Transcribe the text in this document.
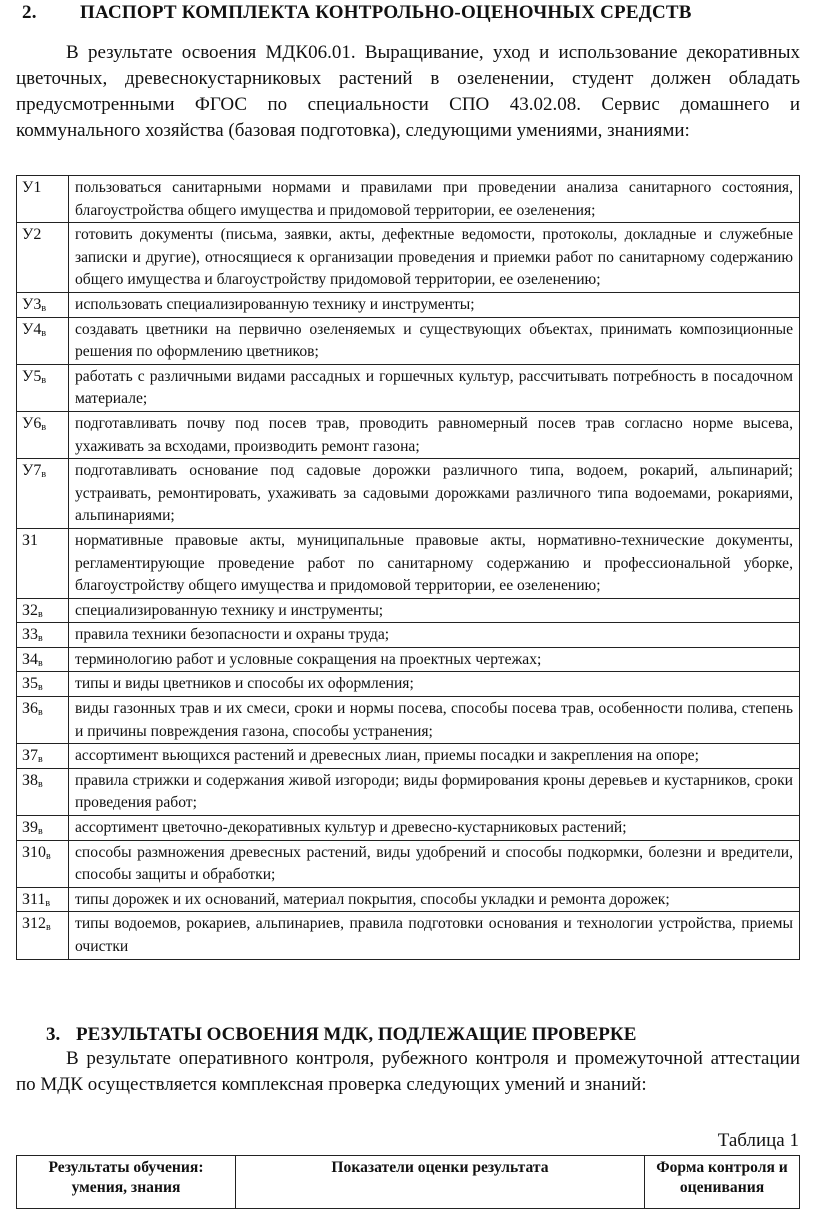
2. ПАСПОРТ КОМПЛЕКТА КОНТРОЛЬНО-ОЦЕНОЧНЫХ СРЕДСТВ
В результате освоения МДК06.01. Выращивание, уход и использование декоративных цветочных, древеснокустарниковых растений в озеленении, студент должен обладать предусмотренными ФГОС по специальности СПО 43.02.08. Сервис домашнего и коммунального хозяйства (базовая подготовка), следующими умениями, знаниями:
У1	пользоваться санитарными нормами и правилами при проведении анализа санитарного состояния, благоустройства общего имущества и придомовой территории, ее озеленения;
У2	готовить документы (письма, заявки, акты, дефектные ведомости, протоколы, докладные и служебные записки и другие), относящиеся к организации проведения и приемки работ по санитарному содержанию общего имущества и благоустройству придомовой территории, ее озеленению;
$У3_в$	использовать специализированную технику и инструменты;
$У4_в$	создавать цветники на первично озеленяемых и существующих объектах, принимать композиционные решения по оформлению цветников;
$У5_в$	работать с различными видами рассадных и горшечных культур, рассчитывать потребность в посадочном материале;
$У6_в$	подготавливать почву под посев трав, проводить равномерный посев трав согласно норме высева, ухаживать за всходами, производить ремонт газона;
$У7_в$	подготавливать основание под садовые дорожки различного типа, водоем, рокарий, альпинарий; устраивать, ремонтировать, ухаживать за садовыми дорожками различного типа водоемами, рокариями, альпинариями;
З1	нормативные правовые акты, муниципальные правовые акты, нормативно-технические документы, регламентирующие проведение работ по санитарному содержанию и профессиональной уборке, благоустройству общего имущества и придомовой территории, ее озеленению;
$З2_в$	специализированную технику и инструменты;
$З3_в$	правила техники безопасности и охраны труда;
$З4_в$	терминологию работ и условные сокращения на проектных чертежах;
$З5_в$	типы и виды цветников и способы их оформления;
$З6_в$	виды газонных трав и их смеси, сроки и нормы посева, способы посева трав, особенности полива, степень и причины повреждения газона, способы устранения;
$З7_в$	ассортимент вьющихся растений и древесных лиан, приемы посадки и закрепления на опоре;
$З8_в$	правила стрижки и содержания живой изгороди; виды формирования кроны деревьев и кустарников, сроки проведения работ;
$З9_в$	ассортимент цветочно-декоративных культур и древесно-кустарниковых растений;
$З10_в$	способы размножения древесных растений, виды удобрений и способы подкормки, болезни и вредители, способы защиты и обработки;
$З11_в$	типы дорожек и их оснований, материал покрытия, способы укладки и ремонта дорожек;
$З12_в$	типы водоемов, рокариев, альпинариев, правила подготовки основания и технологии устройства, приемы очистки
3. РЕЗУЛЬТАТЫ ОСВОЕНИЯ МДК, ПОДЛЕЖАЩИЕ ПРОВЕРКЕ
В результате оперативного контроля, рубежного контроля и промежуточной аттестации по МДК осуществляется комплексная проверка следующих умений и знаний:
Таблица 1
Результаты обучения: умения, знания	Показатели оценки результата	Форма контроля и оценивания
